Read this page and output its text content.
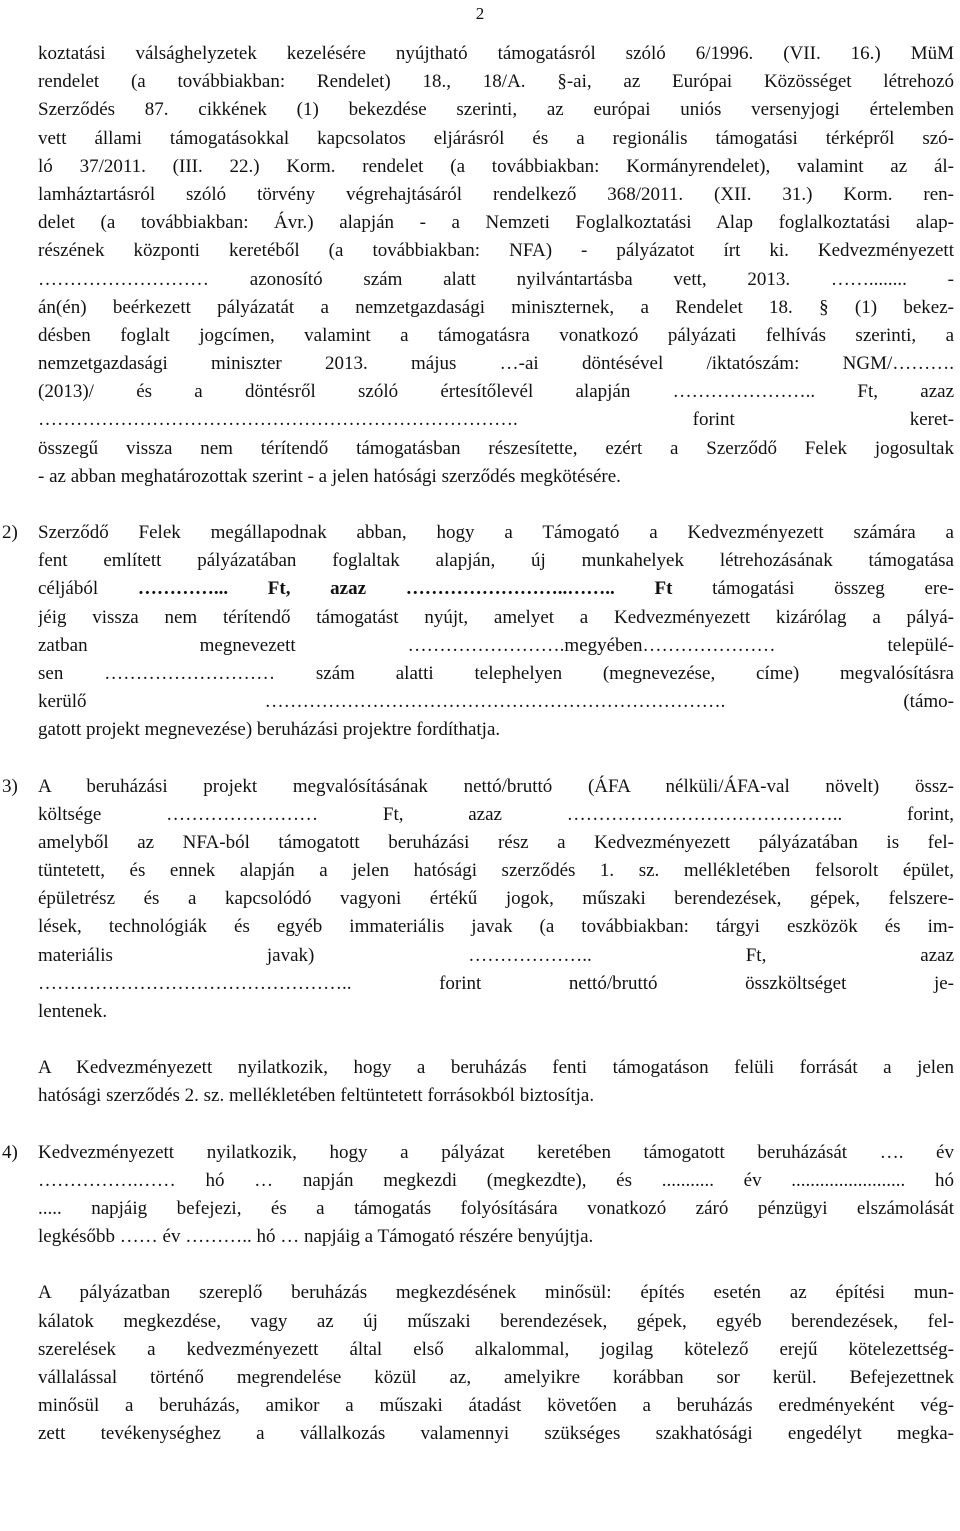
2
koztatási válsághelyzetek kezelésére nyújtható támogatásról szóló 6/1996. (VII. 16.) MüM
rendelet (a továbbiakban: Rendelet) 18., 18/A. §-ai, az Európai Közösséget létrehozó
Szerződés 87. cikkének (1) bekezdése szerinti, az európai uniós versenyjogi értelemben
vett állami támogatásokkal kapcsolatos eljárásról és a regionális támogatási térképről szó-
ló 37/2011. (III. 22.) Korm. rendelet (a továbbiakban: Kormányrendelet), valamint az ál-
lamháztartásról szóló törvény végrehajtásáról rendelkező 368/2011. (XII. 31.) Korm. ren-
delet (a továbbiakban: Ávr.) alapján - a Nemzeti Foglalkoztatási Alap foglalkoztatási alap-
részének központi keretéből (a továbbiakban: NFA) - pályázatot írt ki. Kedvezményezett
……………………… azonosító szám alatt nyilvántartásba vett, 2013. ……........ -
án(én) beérkezett pályázatát a nemzetgazdasági miniszternek, a Rendelet 18. § (1) bekez-
désben foglalt jogcímen, valamint a támogatásra vonatkozó pályázati felhívás szerinti, a
nemzetgazdasági miniszter 2013. május …-ai döntésével /iktatószám: NGM/……….
(2013)/ és a döntésről szóló értesítőlevél alapján ………………….. Ft, azaz
…………………………………………………………………. forint keret-
összegű vissza nem térítendő támogatásban részesítette, ezért a Szerződő Felek jogosultak
- az abban meghatározottak szerint - a jelen hatósági szerződés megkötésére.
2) Szerződő Felek megállapodnak abban, hogy a Támogató a Kedvezményezett számára a
fent említett pályázatában foglaltak alapján, új munkahelyek létrehozásának támogatása
céljából …………... Ft, azaz ……………………..…….. Ft támogatási összeg ere-
jéig vissza nem térítendő támogatást nyújt, amelyet a Kedvezményezett kizárólag a pályá-
zatban megnevezett …………………….megyében………………… települé-
sen ……………………… szám alatti telephelyen (megnevezése, címe) megvalósításra
kerülő ………………………………………………………………. (támo-
gatott projekt megnevezése) beruházási projektre fordíthatja.
3) A beruházási projekt megvalósításának nettó/bruttó (ÁFA nélküli/ÁFA-val növelt) össz-
költsége …………………… Ft, azaz …………………………………….. forint,
amelyből az NFA-ból támogatott beruházási rész a Kedvezményezett pályázatában is fel-
tüntetett, és ennek alapján a jelen hatósági szerződés 1. sz. mellékletében felsorolt épület,
épületrész és a kapcsolódó vagyoni értékű jogok, műszaki berendezések, gépek, felszere-
lések, technológiák és egyéb immateriális javak (a továbbiakban: tárgyi eszközök és im-
materiális javak) ……………….. Ft, azaz
………………………………………….. forint nettó/bruttó összköltséget je-
lentenek.
A Kedvezményezett nyilatkozik, hogy a beruházás fenti támogatáson felüli forrását a jelen
hatósági szerződés 2. sz. mellékletében feltüntetett forrásokból biztosítja.
4) Kedvezményezett nyilatkozik, hogy a pályázat keretében támogatott beruházását …. év
…………….…… hó … napján megkezdi (megkezdte), és ........... év ........................ hó
..... napjáig befejezi, és a támogatás folyósítására vonatkozó záró pénzügyi elszámolását
legkésőbb …… év ……….. hó … napjáig a Támogató részére benyújtja.
A pályázatban szereplő beruházás megkezdésének minősül: építés esetén az építési mun-
kálatok megkezdése, vagy az új műszaki berendezések, gépek, egyéb berendezések, fel-
szerelések a kedvezményezett által első alkalommal, jogilag kötelező erejű kötelezettség-
vállalással történő megrendelése közül az, amelyikre korábban sor kerül. Befejezettnek
minősül a beruházás, amikor a műszaki átadást követően a beruházás eredményeként vég-
zett tevékenységhez a vállalkozás valamennyi szükséges szakhatósági engedélyt megka-
